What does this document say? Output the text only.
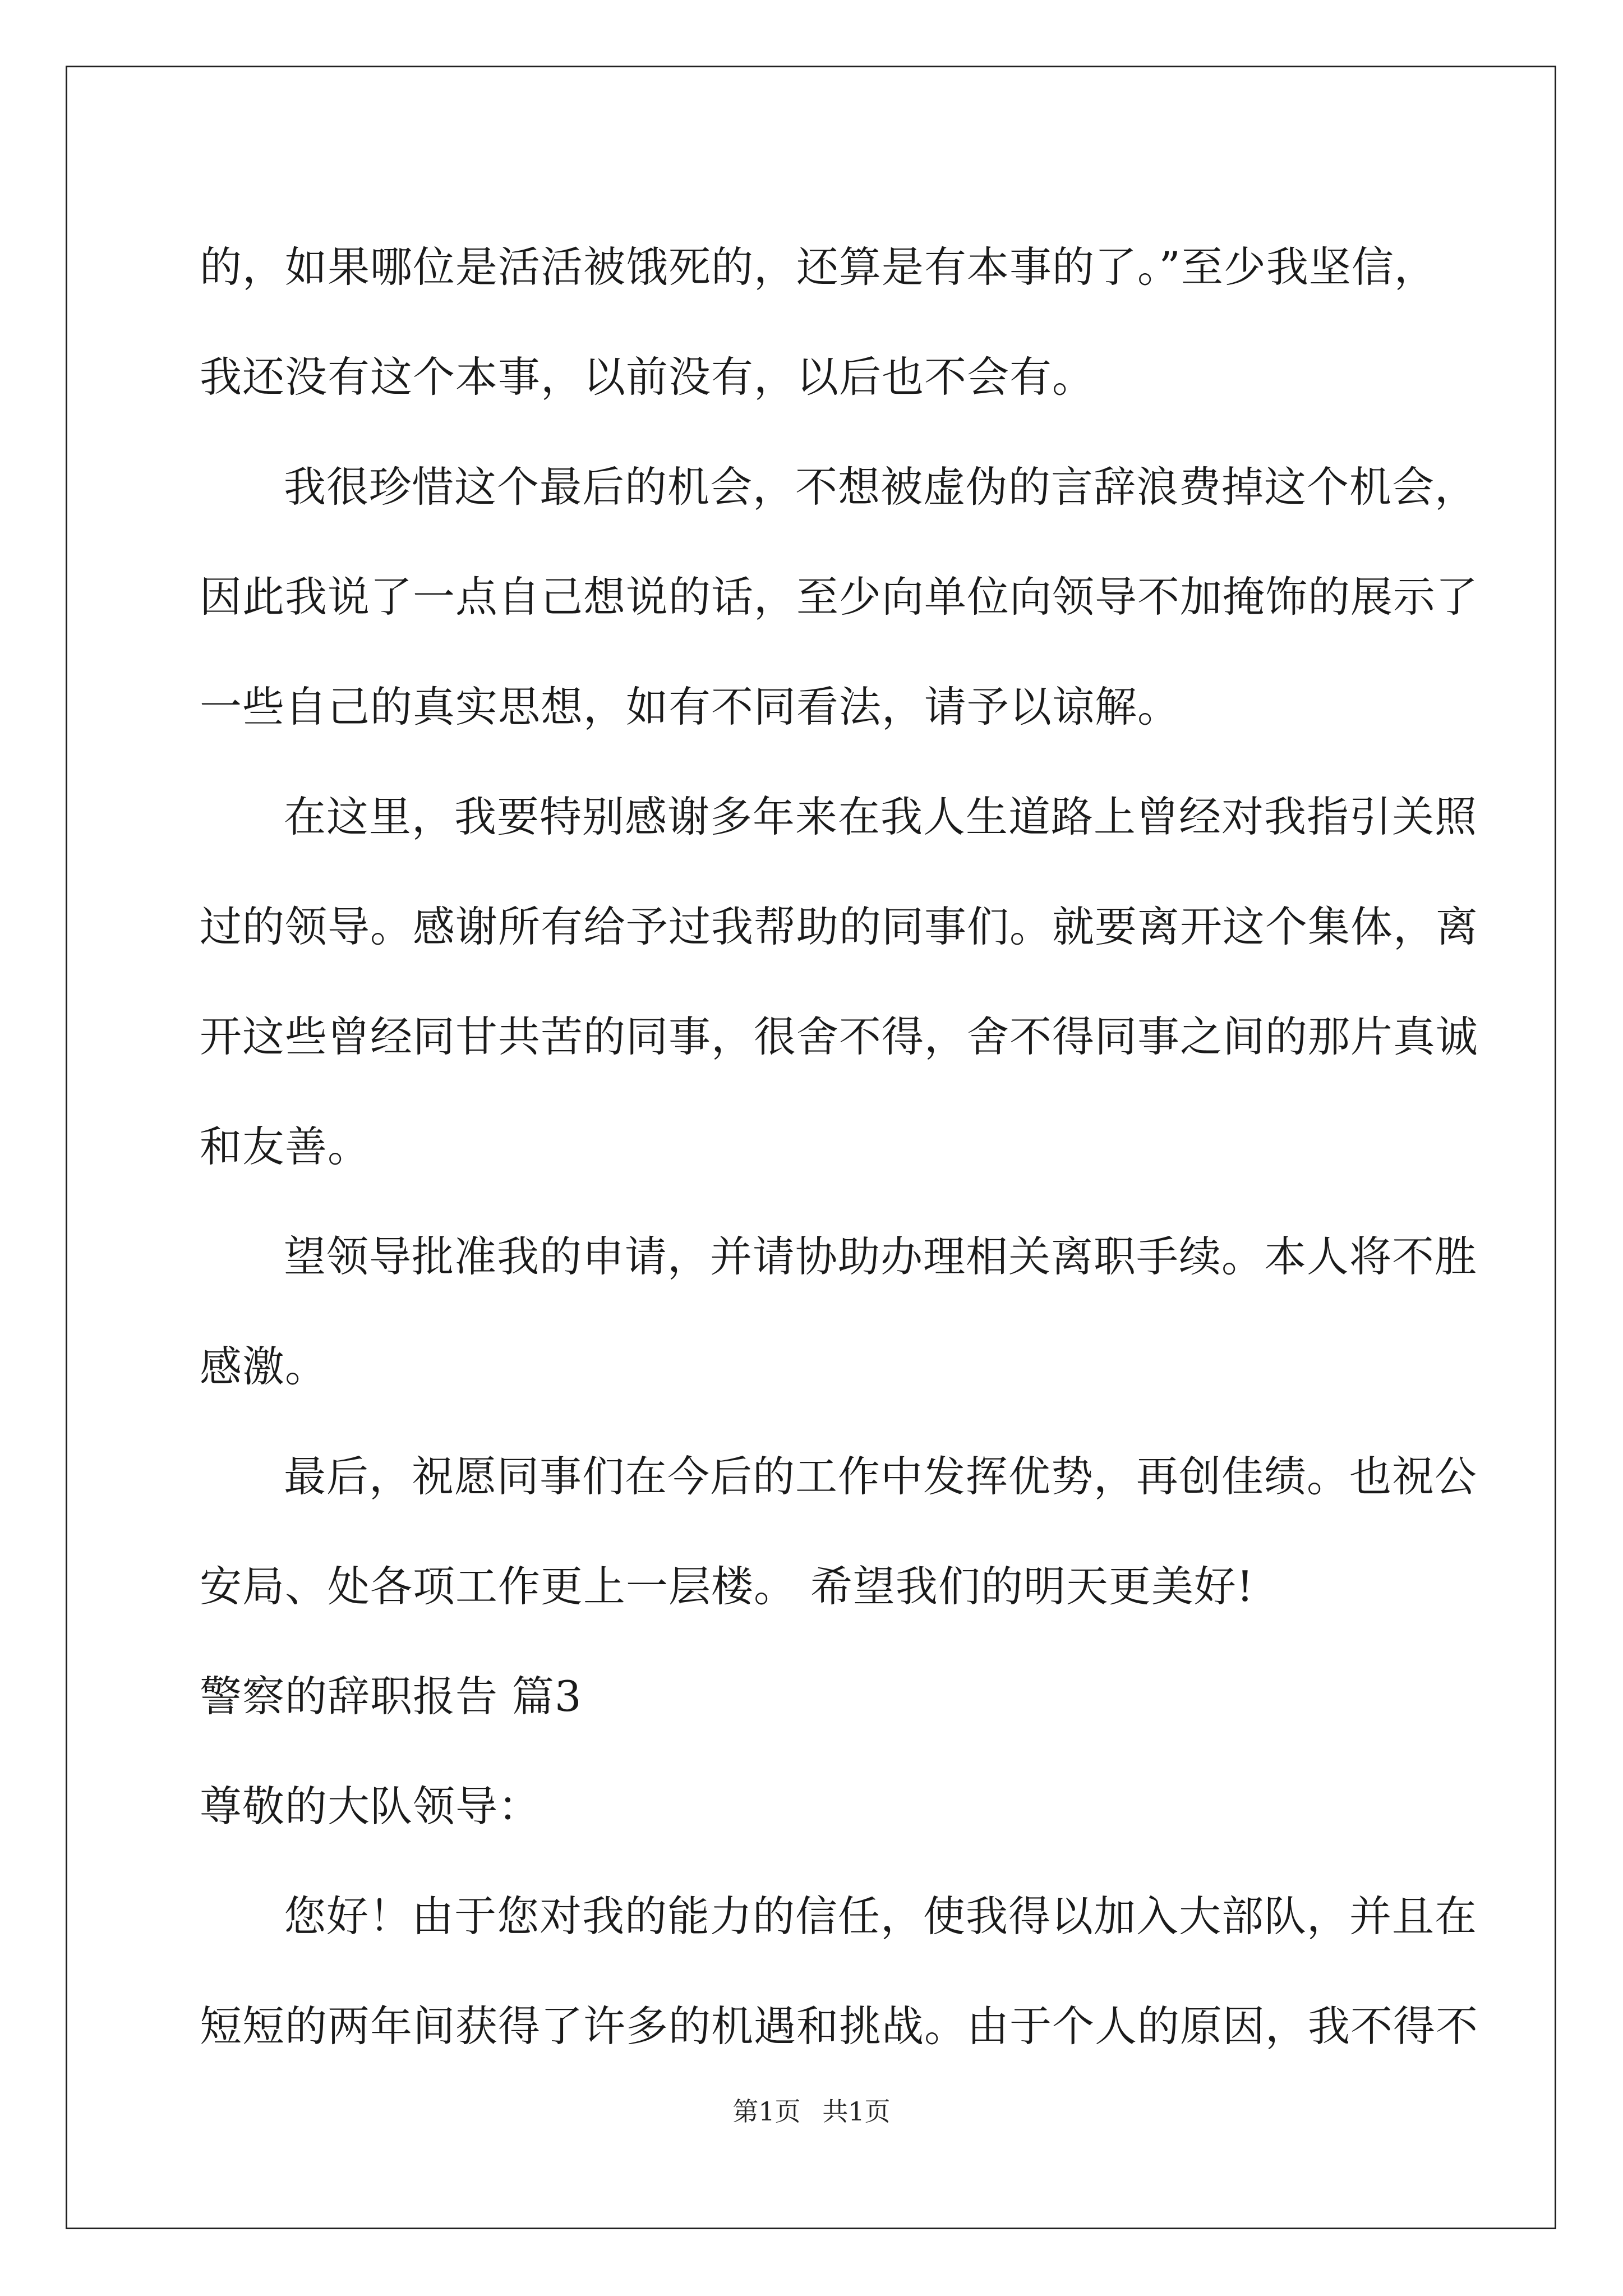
的，如果哪位是活活被饿死的，还算是有本事的了。”至少我坚信，
我还没有这个本事，以前没有，以后也不会有。
我很珍惜这个最后的机会，不想被虚伪的言辞浪费掉这个机会，
因此我说了一点自己想说的话，至少向单位向领导不加掩饰的展示了
一些自己的真实思想，如有不同看法，请予以谅解。
在这里，我要特别感谢多年来在我人生道路上曾经对我指引关照
过的领导。感谢所有给予过我帮助的同事们。就要离开这个集体，离
开这些曾经同甘共苦的同事，很舍不得，舍不得同事之间的那片真诚
和友善。
望领导批准我的申请，并请协助办理相关离职手续。本人将不胜
感激。
最后，祝愿同事们在今后的工作中发挥优势，再创佳绩。也祝公
安局、处各项工作更上一层楼。 希望我们的明天更美好!
警察的辞职报告 篇3
尊敬的大队领导：
您好！由于您对我的能力的信任，使我得以加入大部队，并且在
短短的两年间获得了许多的机遇和挑战。由于个人的原因，我不得不
第1页 共1页
